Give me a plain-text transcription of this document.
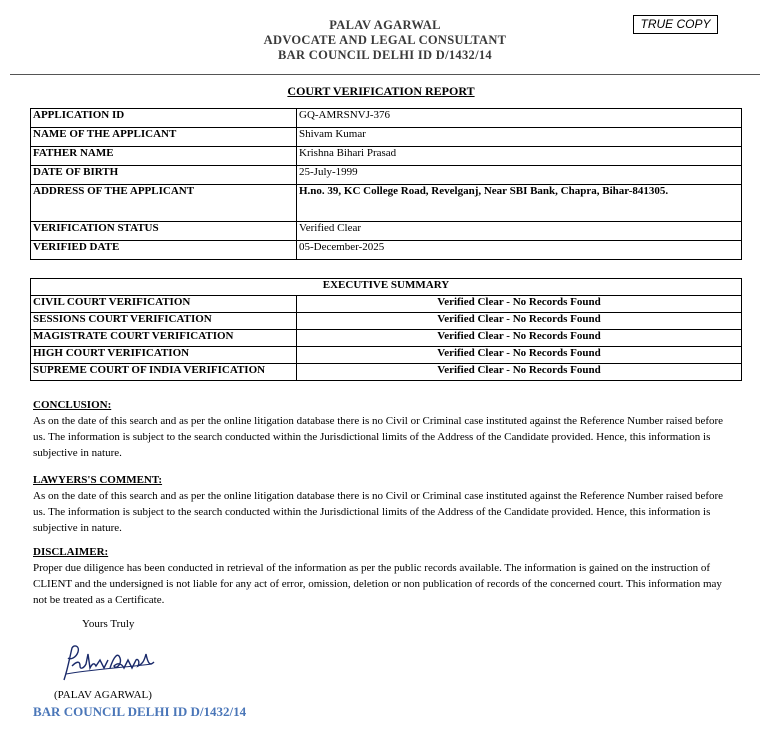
PALAV AGARWAL
ADVOCATE AND LEGAL CONSULTANT
BAR COUNCIL DELHI ID D/1432/14
TRUE COPY
COURT VERIFICATION REPORT
APPLICATION ID	GQ-AMRSNVJ-376
NAME OF THE APPLICANT	Shivam Kumar
FATHER NAME	Krishna Bihari Prasad
DATE OF BIRTH	25-July-1999
ADDRESS OF THE APPLICANT	H.no. 39, KC College Road, Revelganj, Near SBI Bank, Chapra, Bihar-841305.
VERIFICATION STATUS	Verified Clear
VERIFIED DATE	05-December-2025
EXECUTIVE SUMMARY	
CIVIL COURT VERIFICATION	Verified Clear - No Records Found
SESSIONS COURT VERIFICATION	Verified Clear - No Records Found
MAGISTRATE COURT VERIFICATION	Verified Clear - No Records Found
HIGH COURT VERIFICATION	Verified Clear - No Records Found
SUPREME COURT OF INDIA VERIFICATION	Verified Clear - No Records Found
CONCLUSION:
As on the date of this search and as per the online litigation database there is no Civil or Criminal case instituted against the Reference Number raised before us. The information is subject to the search conducted within the Jurisdictional limits of the Address of the Candidate provided. Hence, this information is subjective in nature.
LAWYERS'S COMMENT:
As on the date of this search and as per the online litigation database there is no Civil or Criminal case instituted against the Reference Number raised before us. The information is subject to the search conducted within the Jurisdictional limits of the Address of the Candidate provided. Hence, this information is subjective in nature.
DISCLAIMER:
Proper due diligence has been conducted in retrieval of the information as per the public records available. The information is gained on the instruction of CLIENT and the undersigned is not liable for any act of error, omission, deletion or non publication of records of the concerned court. This information may not be treated as a Certificate.
Yours Truly
(PALAV AGARWAL)
BAR COUNCIL DELHI ID D/1432/14
